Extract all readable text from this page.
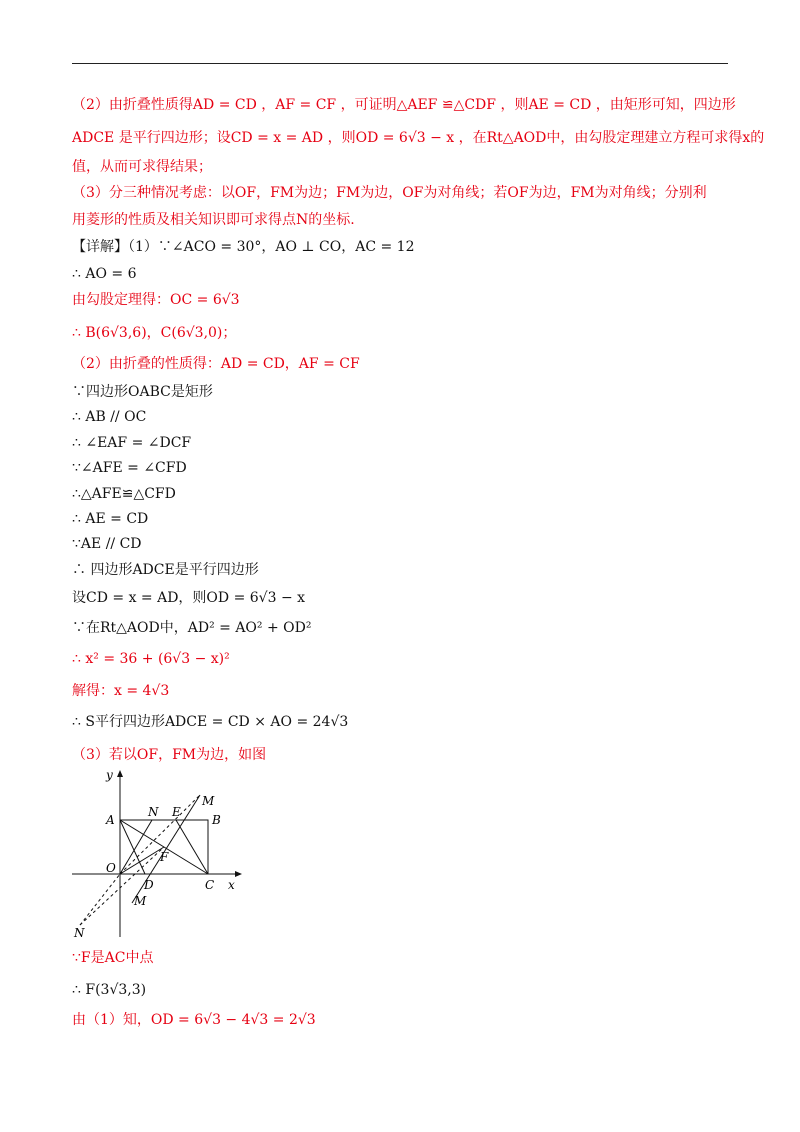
（2）由折叠性质得AD = CD ，AF = CF ，可证明△AEF ≌△CDF ，则AE = CD ，由矩形可知，四边形
ADCE 是平行四边形；设CD = x = AD ，则OD = 6√3 − x ，在Rt△AOD中，由勾股定理建立方程可求得x的
值，从而可求得结果；
（3）分三种情况考虑：以OF，FM为边；FM为边，OF为对角线；若OF为边，FM为对角线；分别利
用菱形的性质及相关知识即可求得点N的坐标.
【详解】（1）∵∠ACO = 30°，AO ⊥ CO，AC = 12
∴ AO = 6
由勾股定理得：OC = 6√3
∴ B(6√3,6)，C(6√3,0)；
（2）由折叠的性质得：AD = CD，AF = CF
∵四边形OABC是矩形
∴ AB // OC
∴ ∠EAF = ∠DCF
∵∠AFE = ∠CFD
∴△AFE≌△CFD
∴ AE = CD
∵AE // CD
∴ 四边形ADCE是平行四边形
设CD = x = AD，则OD = 6√3 − x
∵在Rt△AOD中，AD² = AO² + OD²
∴ x² = 36 + (6√3 − x)²
解得：x = 4√3
∴ S平行四边形ADCE = CD × AO = 24√3
（3）若以OF，FM为边，如图
y
A
N E
M
B
O
F
D	C x
M
N
∵F是AC中点
∴ F(3√3,3)
由（1）知，OD = 6√3 − 4√3 = 2√3
